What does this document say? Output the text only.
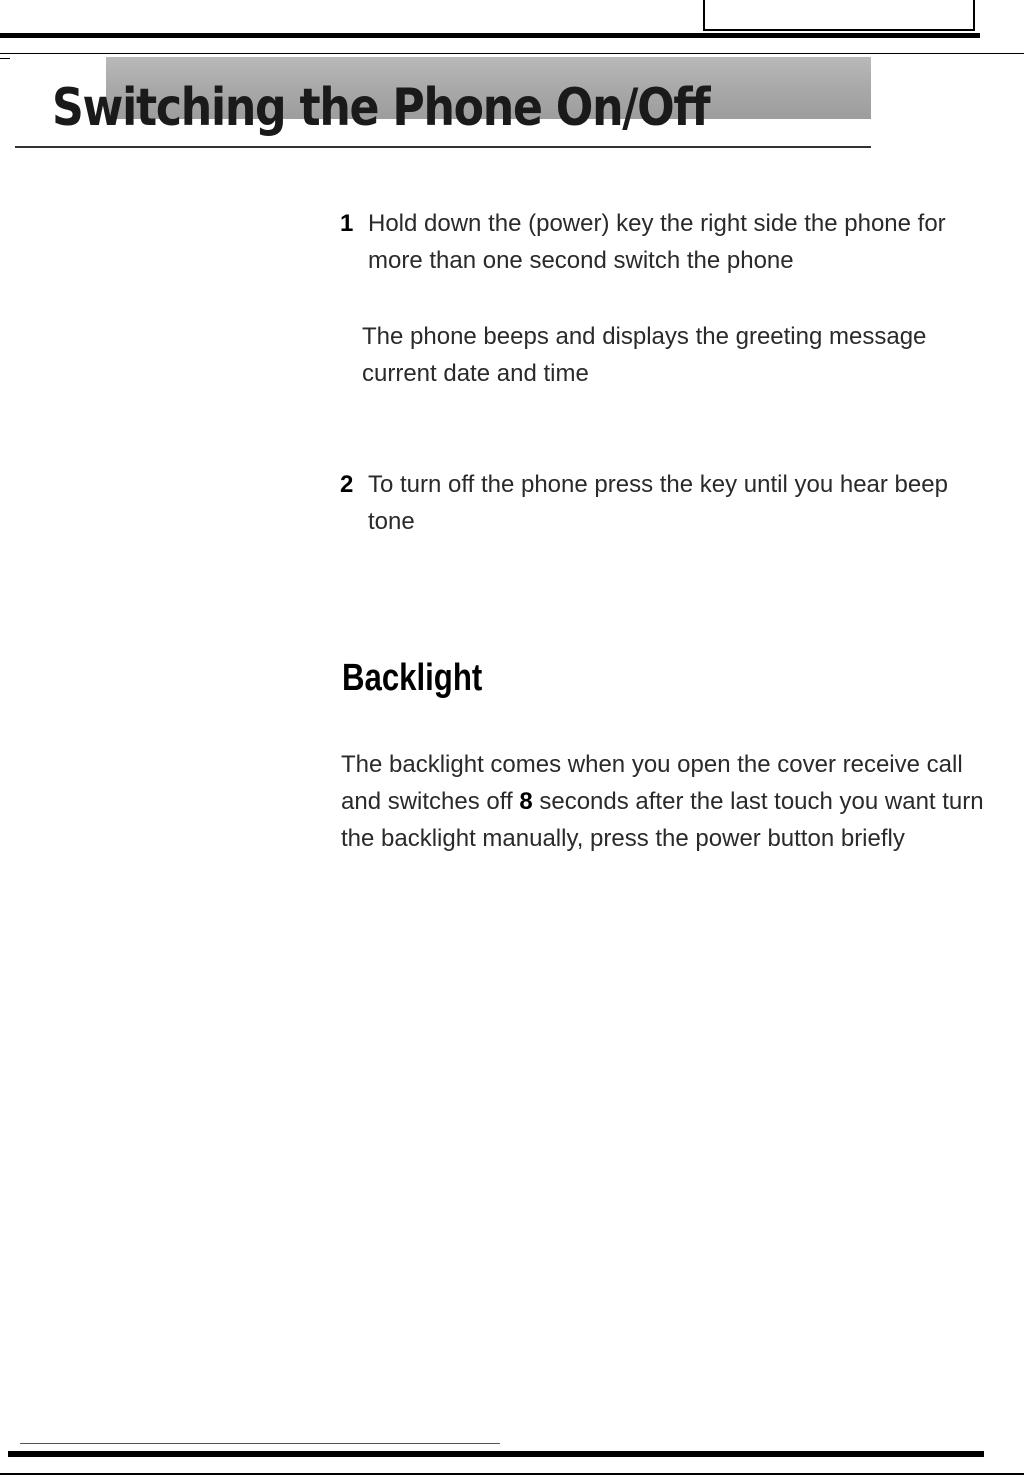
Switching the Phone On/Off
1 Hold down the (power) key the right side the phone for more than one second switch the phone
The phone beeps and displays the greeting message current date and time
2 To turn off the phone press the key until you hear beep tone
Backlight

The backlight comes when you open the cover receive call and switches off 8 seconds after the last touch you want turn the backlight manually, press the power button briefly
